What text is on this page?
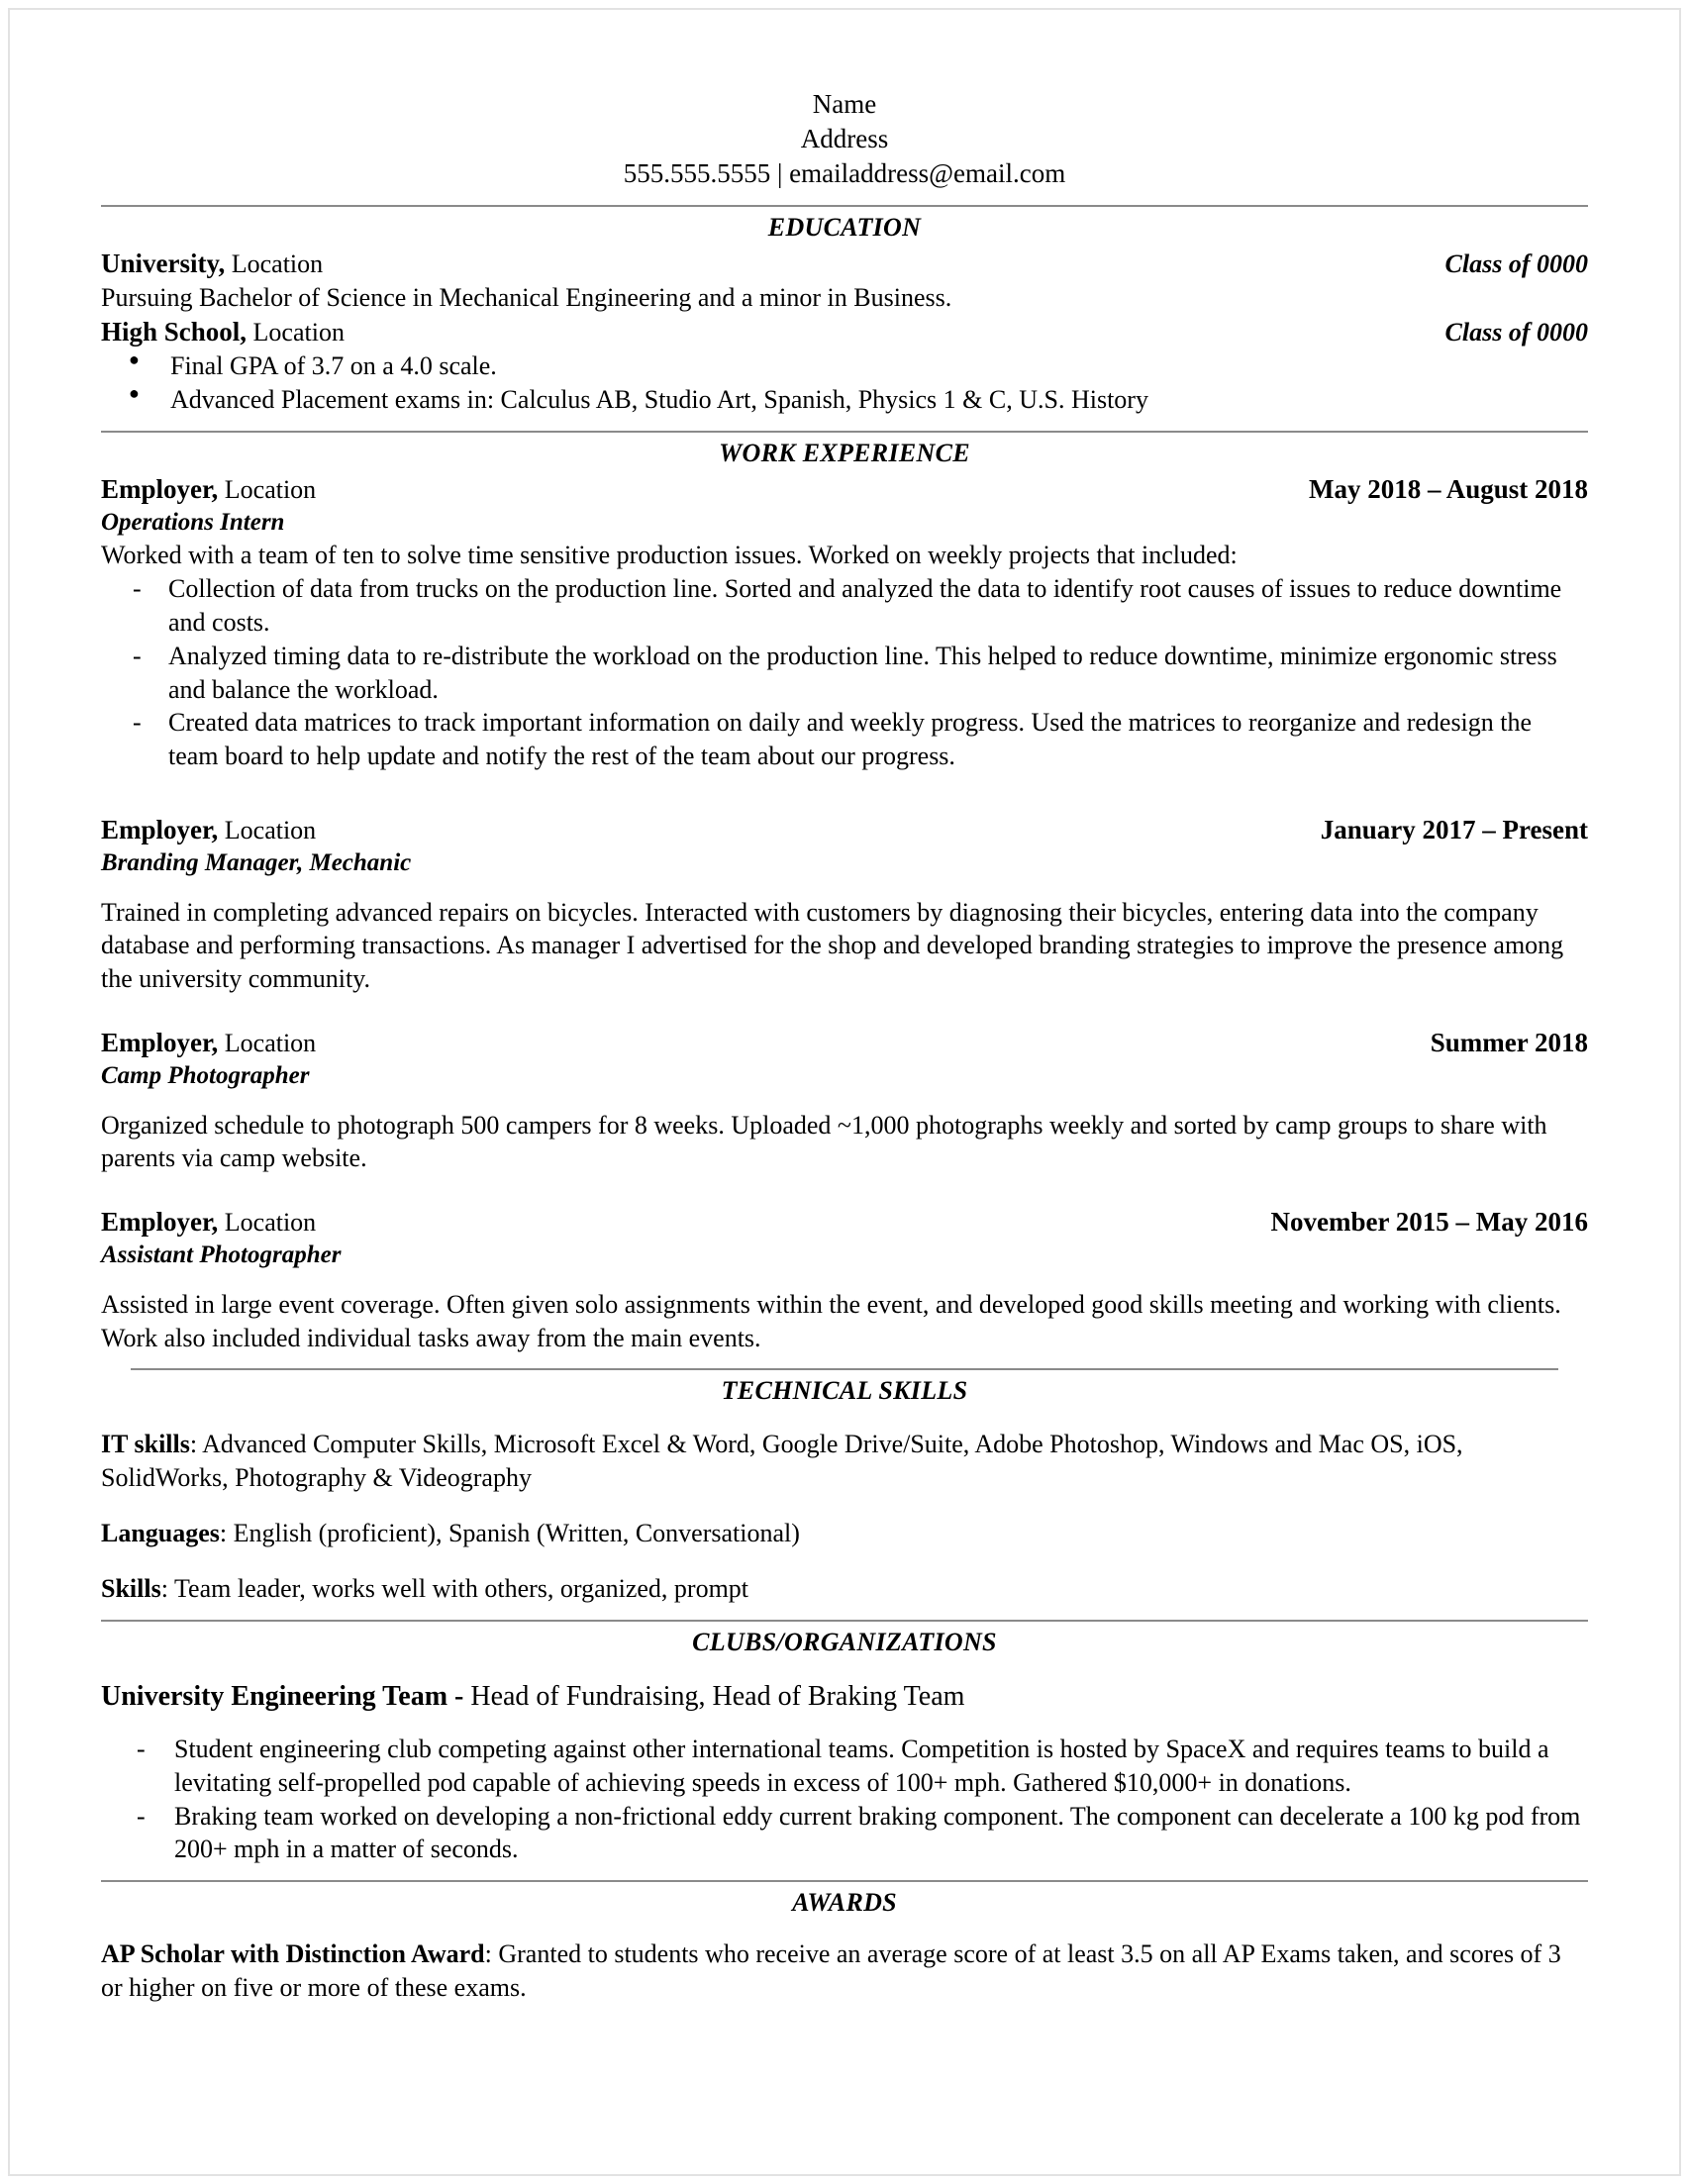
Name
Address
555.555.5555 | emailaddress@email.com
EDUCATION
University, Location	Class of 0000
Pursuing Bachelor of Science in Mechanical Engineering and a minor in Business.
High School, Location	Class of 0000
● Final GPA of 3.7 on a 4.0 scale.
● Advanced Placement exams in: Calculus AB, Studio Art, Spanish, Physics 1 & C, U.S. History
WORK EXPERIENCE
Employer, Location	May 2018 – August 2018
Operations Intern
Worked with a team of ten to solve time sensitive production issues. Worked on weekly projects that included:
- Collection of data from trucks on the production line. Sorted and analyzed the data to identify root causes of issues to reduce downtime and costs.
- Analyzed timing data to re-distribute the workload on the production line. This helped to reduce downtime, minimize ergonomic stress and balance the workload.
- Created data matrices to track important information on daily and weekly progress. Used the matrices to reorganize and redesign the team board to help update and notify the rest of the team about our progress.
Employer, Location	January 2017 – Present
Branding Manager, Mechanic
Trained in completing advanced repairs on bicycles. Interacted with customers by diagnosing their bicycles, entering data into the company database and performing transactions. As manager I advertised for the shop and developed branding strategies to improve the presence among the university community.
Employer, Location	Summer 2018
Camp Photographer
Organized schedule to photograph 500 campers for 8 weeks. Uploaded ~1,000 photographs weekly and sorted by camp groups to share with parents via camp website.
Employer, Location	November 2015 – May 2016
Assistant Photographer
Assisted in large event coverage. Often given solo assignments within the event, and developed good skills meeting and working with clients. Work also included individual tasks away from the main events.
TECHNICAL SKILLS
IT skills: Advanced Computer Skills, Microsoft Excel & Word, Google Drive/Suite, Adobe Photoshop, Windows and Mac OS, iOS, SolidWorks, Photography & Videography
Languages: English (proficient), Spanish (Written, Conversational)
Skills: Team leader, works well with others, organized, prompt
CLUBS/ORGANIZATIONS
University Engineering Team - Head of Fundraising, Head of Braking Team
- Student engineering club competing against other international teams. Competition is hosted by SpaceX and requires teams to build a levitating self-propelled pod capable of achieving speeds in excess of 100+ mph. Gathered $10,000+ in donations.
- Braking team worked on developing a non-frictional eddy current braking component. The component can decelerate a 100 kg pod from 200+ mph in a matter of seconds.
AWARDS
AP Scholar with Distinction Award: Granted to students who receive an average score of at least 3.5 on all AP Exams taken, and scores of 3 or higher on five or more of these exams.
